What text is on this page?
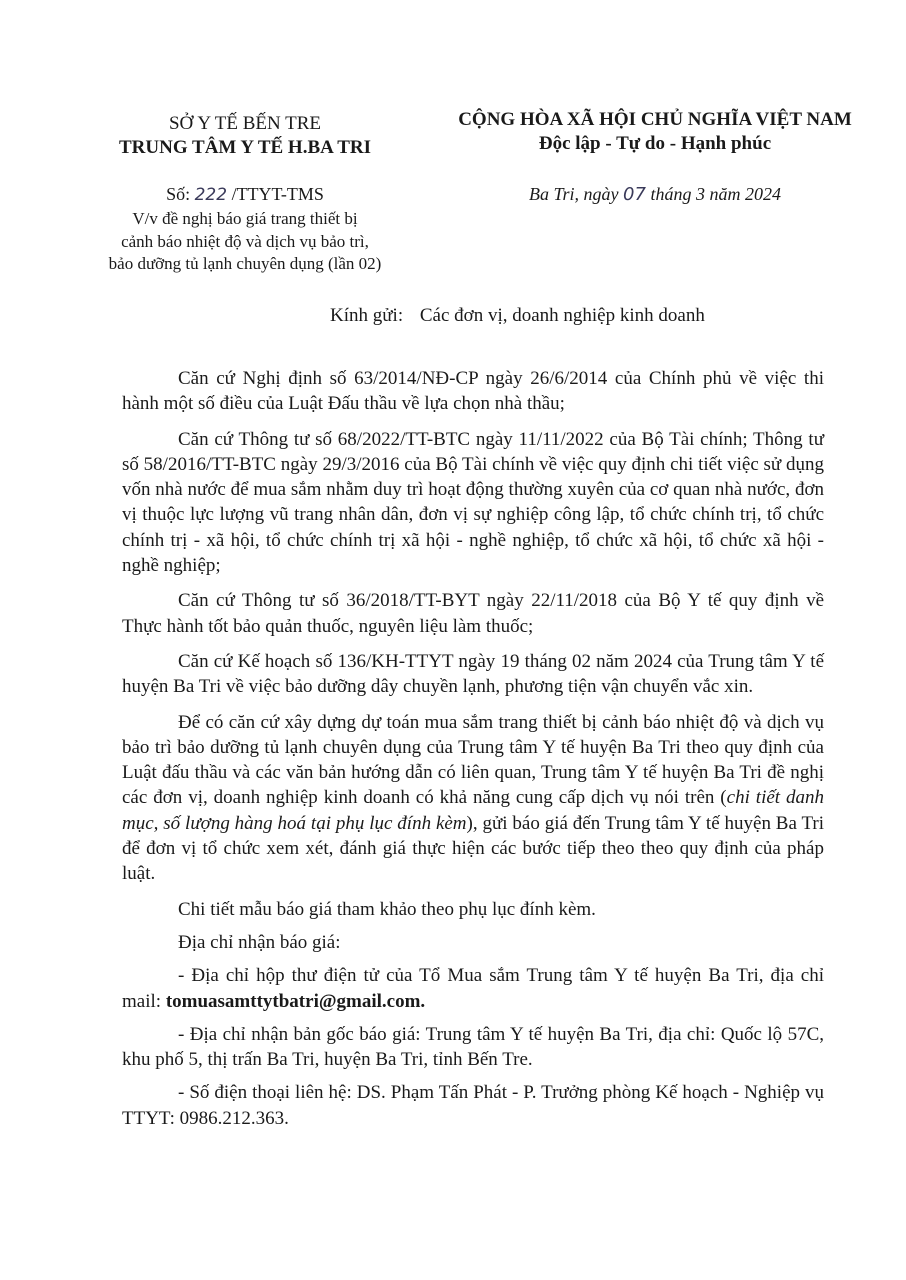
SỞ Y TẾ BẾN TRE
TRUNG TÂM Y TẾ H.BA TRI
CỘNG HÒA XÃ HỘI CHỦ NGHĨA VIỆT NAM
Độc lập - Tự do - Hạnh phúc
Số: 222 /TTYT-TMS	Ba Tri, ngày 07 tháng 3 năm 2024
V/v đề nghị báo giá trang thiết bị
cảnh báo nhiệt độ và dịch vụ bảo trì,
bảo dưỡng tủ lạnh chuyên dụng (lần 02)
Kính gửi: Các đơn vị, doanh nghiệp kinh doanh

Căn cứ Nghị định số 63/2014/NĐ-CP ngày 26/6/2014 của Chính phủ về việc thi hành một số điều của Luật Đấu thầu về lựa chọn nhà thầu;

Căn cứ Thông tư số 68/2022/TT-BTC ngày 11/11/2022 của Bộ Tài chính; Thông tư số 58/2016/TT-BTC ngày 29/3/2016 của Bộ Tài chính về việc quy định chi tiết việc sử dụng vốn nhà nước để mua sắm nhằm duy trì hoạt động thường xuyên của cơ quan nhà nước, đơn vị thuộc lực lượng vũ trang nhân dân, đơn vị sự nghiệp công lập, tổ chức chính trị, tổ chức chính trị - xã hội, tổ chức chính trị xã hội - nghề nghiệp, tổ chức xã hội, tổ chức xã hội - nghề nghiệp;

Căn cứ Thông tư số 36/2018/TT-BYT ngày 22/11/2018 của Bộ Y tế quy định về Thực hành tốt bảo quản thuốc, nguyên liệu làm thuốc;

Căn cứ Kế hoạch số 136/KH-TTYT ngày 19 tháng 02 năm 2024 của Trung tâm Y tế huyện Ba Tri về việc bảo dưỡng dây chuyền lạnh, phương tiện vận chuyển vắc xin.

Để có căn cứ xây dựng dự toán mua sắm trang thiết bị cảnh báo nhiệt độ và dịch vụ bảo trì bảo dưỡng tủ lạnh chuyên dụng của Trung tâm Y tế huyện Ba Tri theo quy định của Luật đấu thầu và các văn bản hướng dẫn có liên quan, Trung tâm Y tế huyện Ba Tri đề nghị các đơn vị, doanh nghiệp kinh doanh có khả năng cung cấp dịch vụ nói trên (chi tiết danh mục, số lượng hàng hoá tại phụ lục đính kèm), gửi báo giá đến Trung tâm Y tế huyện Ba Tri để đơn vị tổ chức xem xét, đánh giá thực hiện các bước tiếp theo theo quy định của pháp luật.

Chi tiết mẫu báo giá tham khảo theo phụ lục đính kèm.

Địa chỉ nhận báo giá:

- Địa chỉ hộp thư điện tử của Tổ Mua sắm Trung tâm Y tế huyện Ba Tri, địa chỉ mail: tomuasamttytbatri@gmail.com.

- Địa chỉ nhận bản gốc báo giá: Trung tâm Y tế huyện Ba Tri, địa chỉ: Quốc lộ 57C, khu phố 5, thị trấn Ba Tri, huyện Ba Tri, tỉnh Bến Tre.

- Số điện thoại liên hệ: DS. Phạm Tấn Phát - P. Trưởng phòng Kế hoạch - Nghiệp vụ TTYT: 0986.212.363.
